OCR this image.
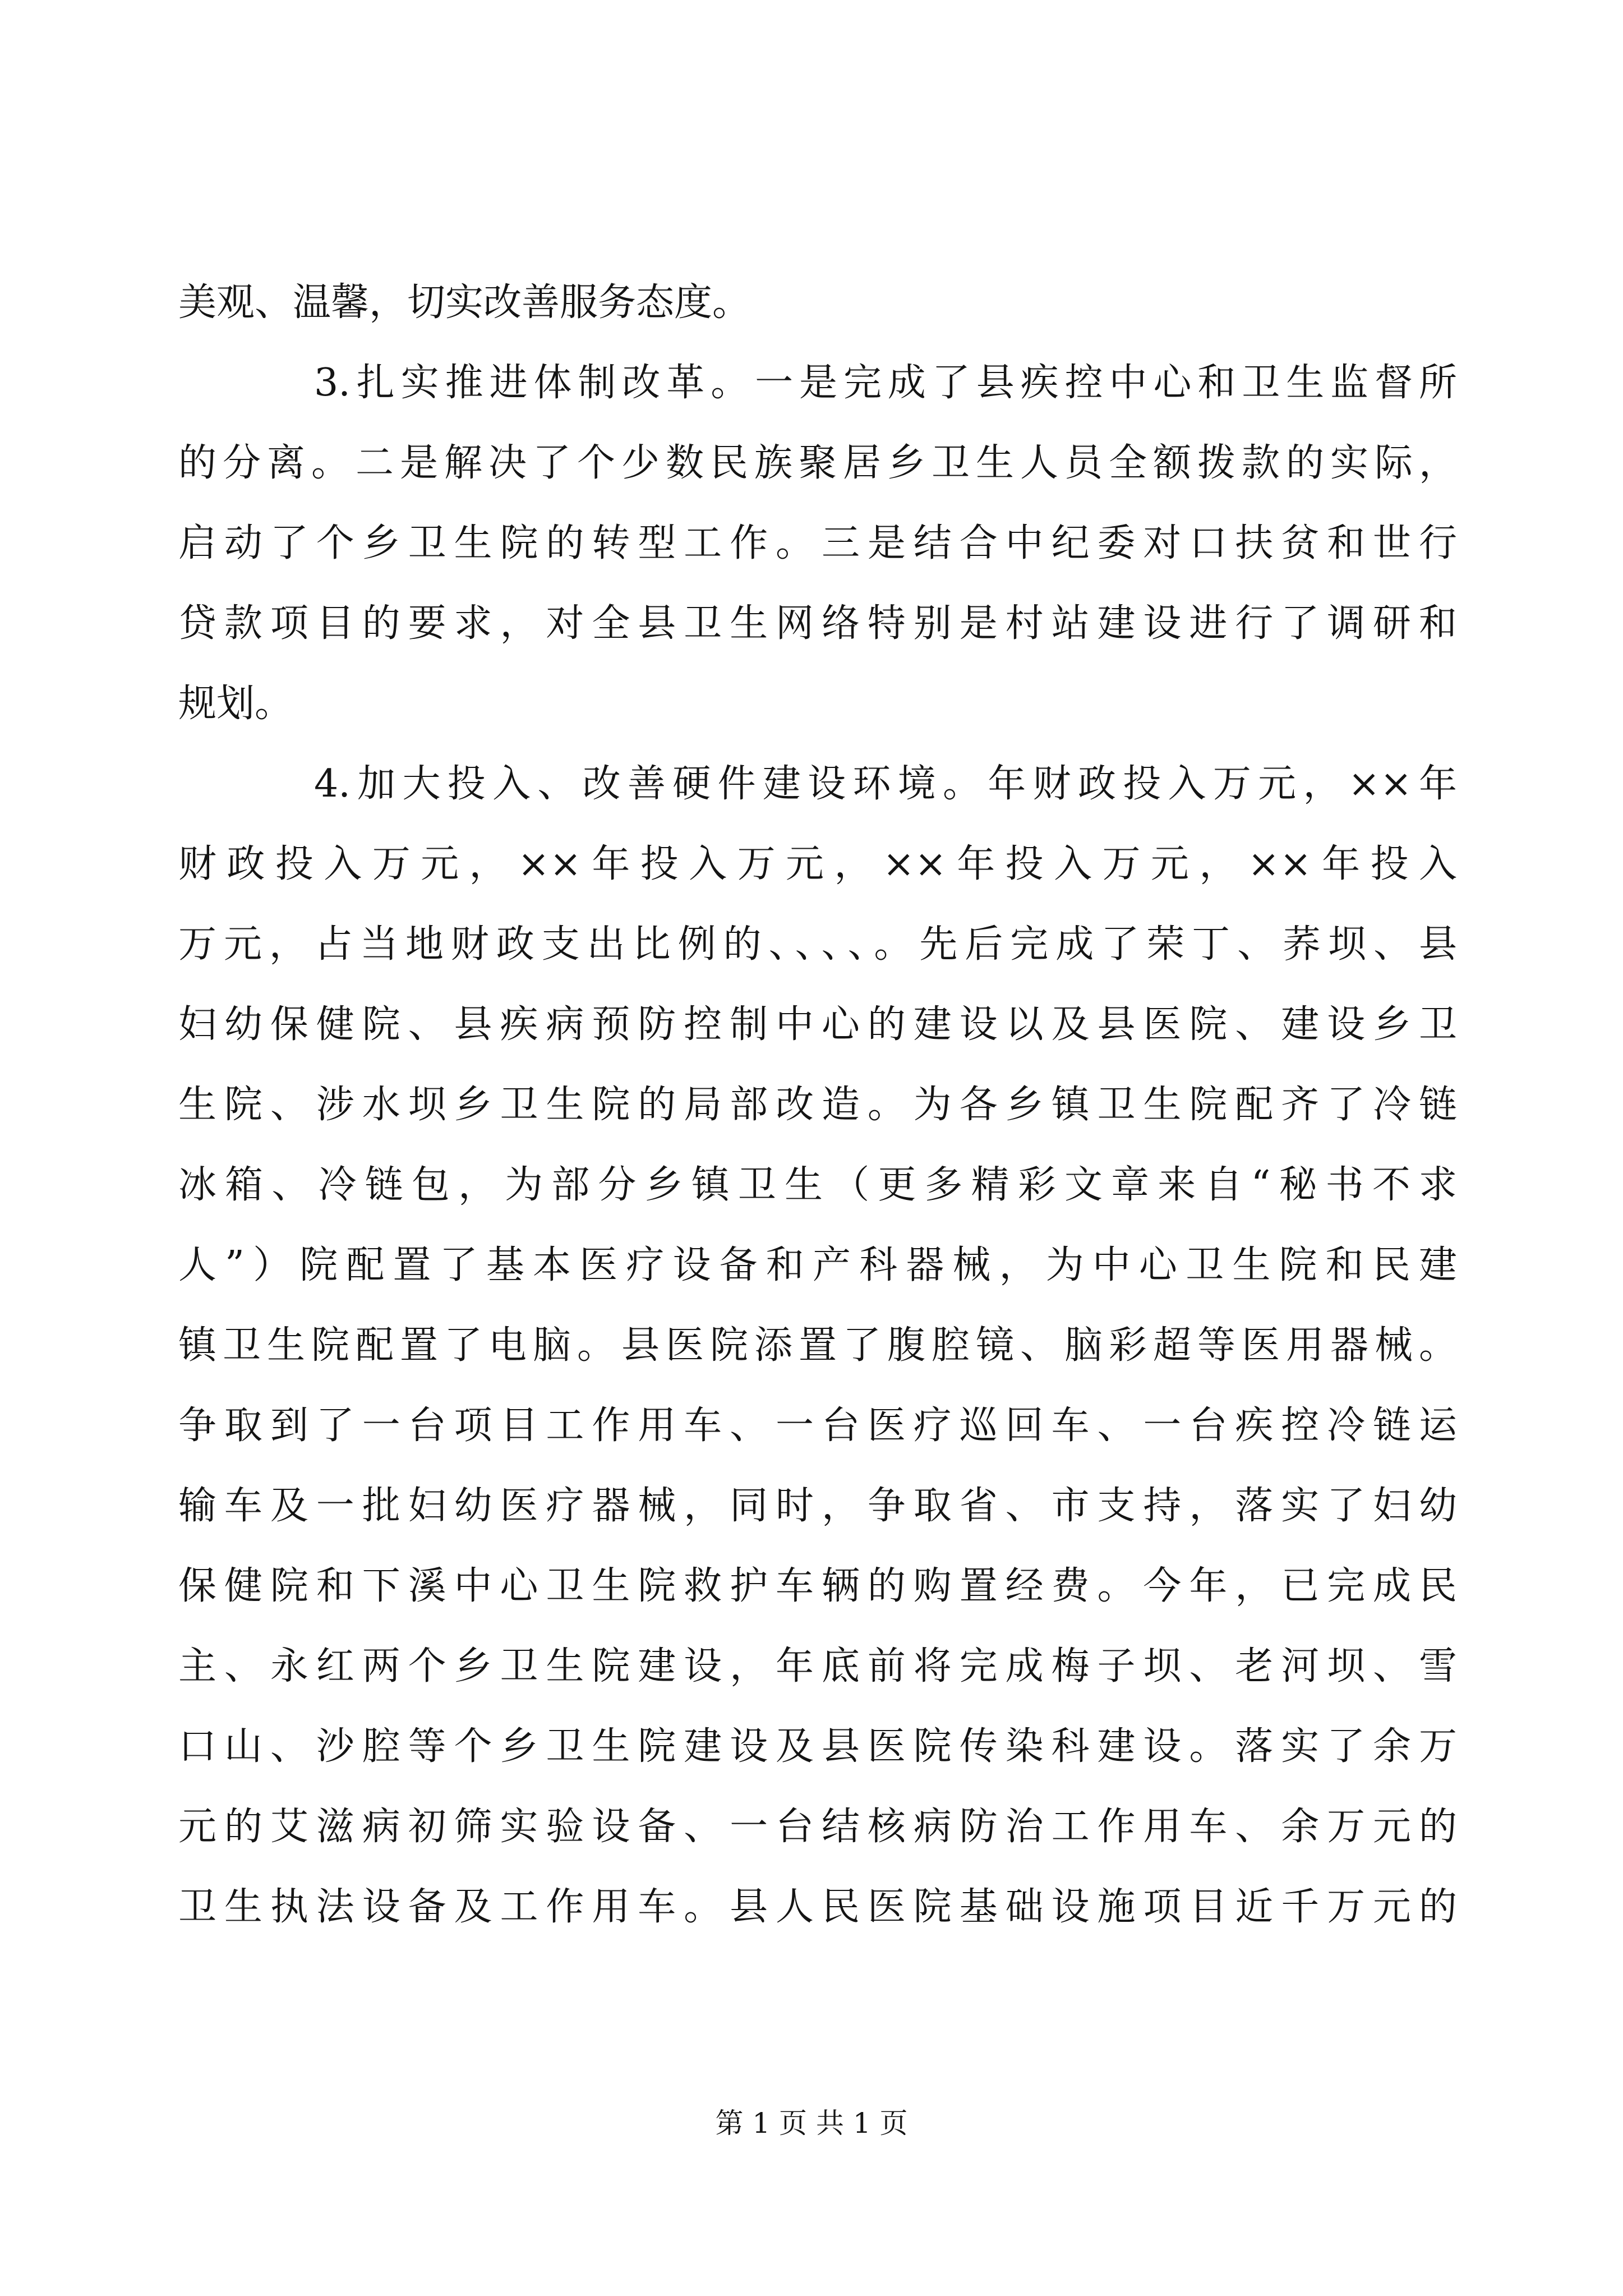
美观、温馨，切实改善服务态度。
3.扎实推进体制改革。一是完成了县疾控中心和卫生监督所
的分离。二是解决了个少数民族聚居乡卫生人员全额拨款的实际，
启动了个乡卫生院的转型工作。三是结合中纪委对口扶贫和世行
贷款项目的要求，对全县卫生网络特别是村站建设进行了调研和
规划。
4.加大投入、改善硬件建设环境。年财政投入万元，××年
财政投入万元，××年投入万元，××年投入万元，××年投入
万元，占当地财政支出比例的、、、、。先后完成了荣丁、荞坝、县
妇幼保健院、县疾病预防控制中心的建设以及县医院、建设乡卫
生院、涉水坝乡卫生院的局部改造。为各乡镇卫生院配齐了冷链
冰箱、冷链包，为部分乡镇卫生（更多精彩文章来自“秘书不求
人”）院配置了基本医疗设备和产科器械，为中心卫生院和民建
镇卫生院配置了电脑。县医院添置了腹腔镜、脑彩超等医用器械。
争取到了一台项目工作用车、一台医疗巡回车、一台疾控冷链运
输车及一批妇幼医疗器械，同时，争取省、市支持，落实了妇幼
保健院和下溪中心卫生院救护车辆的购置经费。今年，已完成民
主、永红两个乡卫生院建设，年底前将完成梅子坝、老河坝、雪
口山、沙腔等个乡卫生院建设及县医院传染科建设。落实了余万
元的艾滋病初筛实验设备、一台结核病防治工作用车、余万元的
卫生执法设备及工作用车。县人民医院基础设施项目近千万元的
第 1 页 共 1 页
